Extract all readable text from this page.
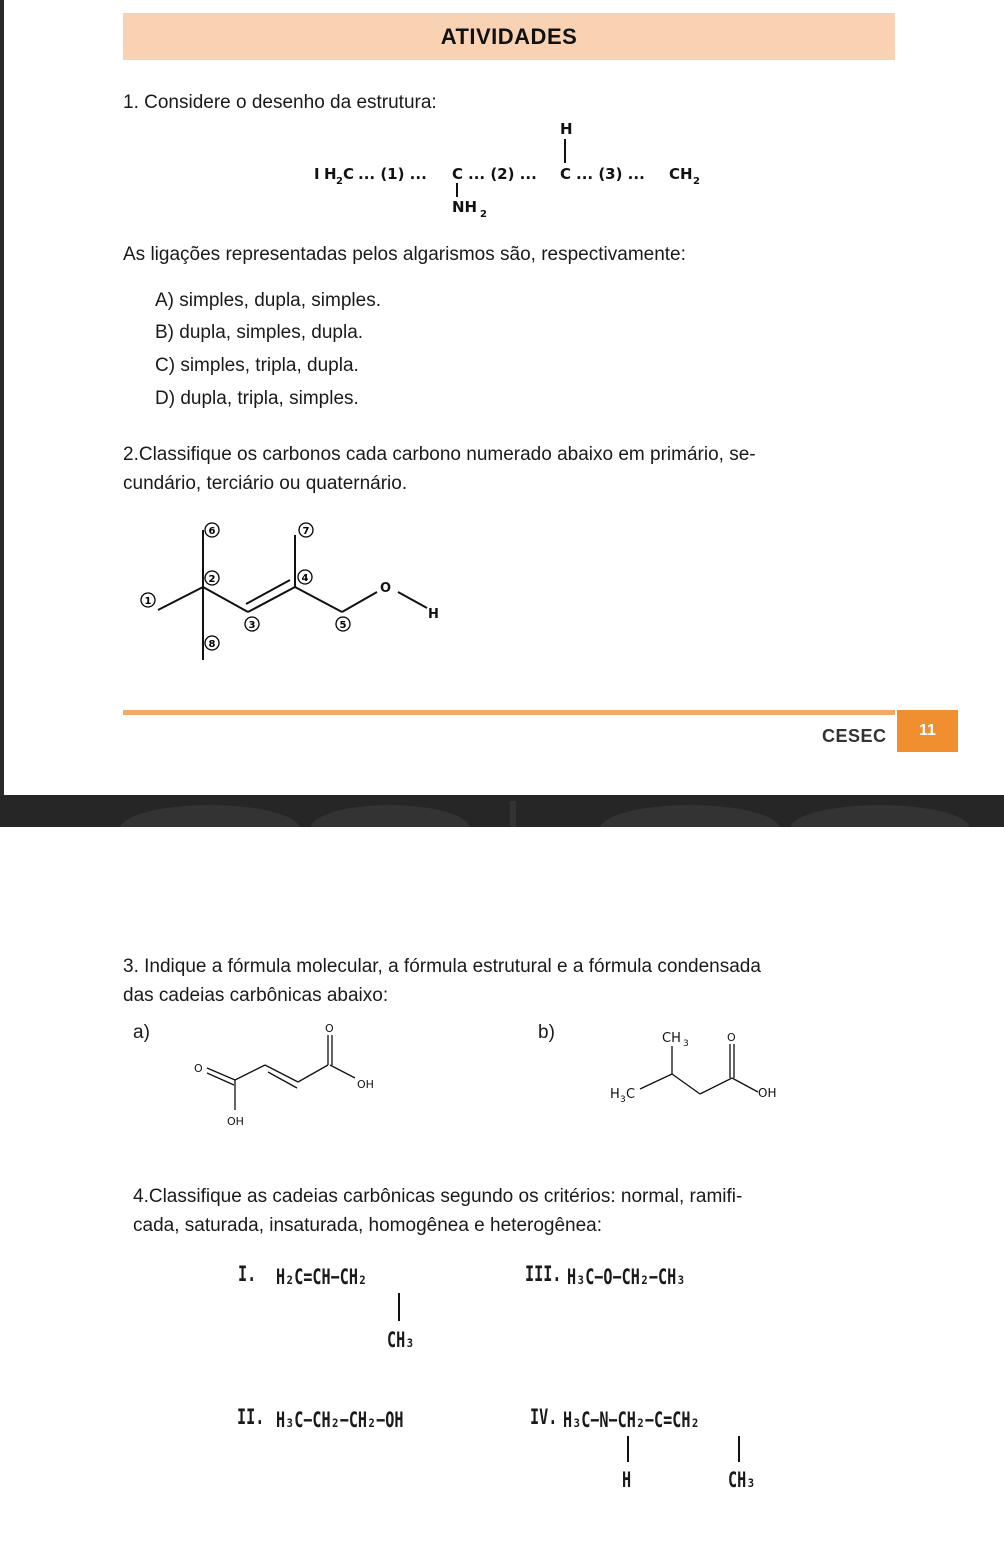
ATIVIDADES
1. Considere o desenho da estrutura:
I H 2 C ... (1) ... C ... (2) ... C ... (3) ... CH 2
H
NH 2
As ligações representadas pelos algarismos são, respectivamente:
A) simples, dupla, simples.
B) dupla, simples, dupla.
C) simples, tripla, dupla.
D) dupla, tripla, simples.
2.Classifique os carbonos cada carbono numerado abaixo em primário, se-
cundário, terciário ou quaternário.
O
H
1
2
3
4
5
6	7
8
CESEC	11
3. Indique a fórmula molecular, a fórmula estrutural e a fórmula condensada
das cadeias carbônicas abaixo:
a)	b)
O
OH
O
OH
CH 3	O
H 3 C	OH
4.Classifique as cadeias carbônicas segundo os critérios: normal, ramifi-
cada, saturada, insaturada, homogênea e heterogênea:
I. H₂C=CH−CH₂
CH₃
III. H₃C−O−CH₂−CH₃
II. H₃C−CH₂−CH₂−OH	IV. H₃C−N−CH₂−C=CH₂
H	CH₃
